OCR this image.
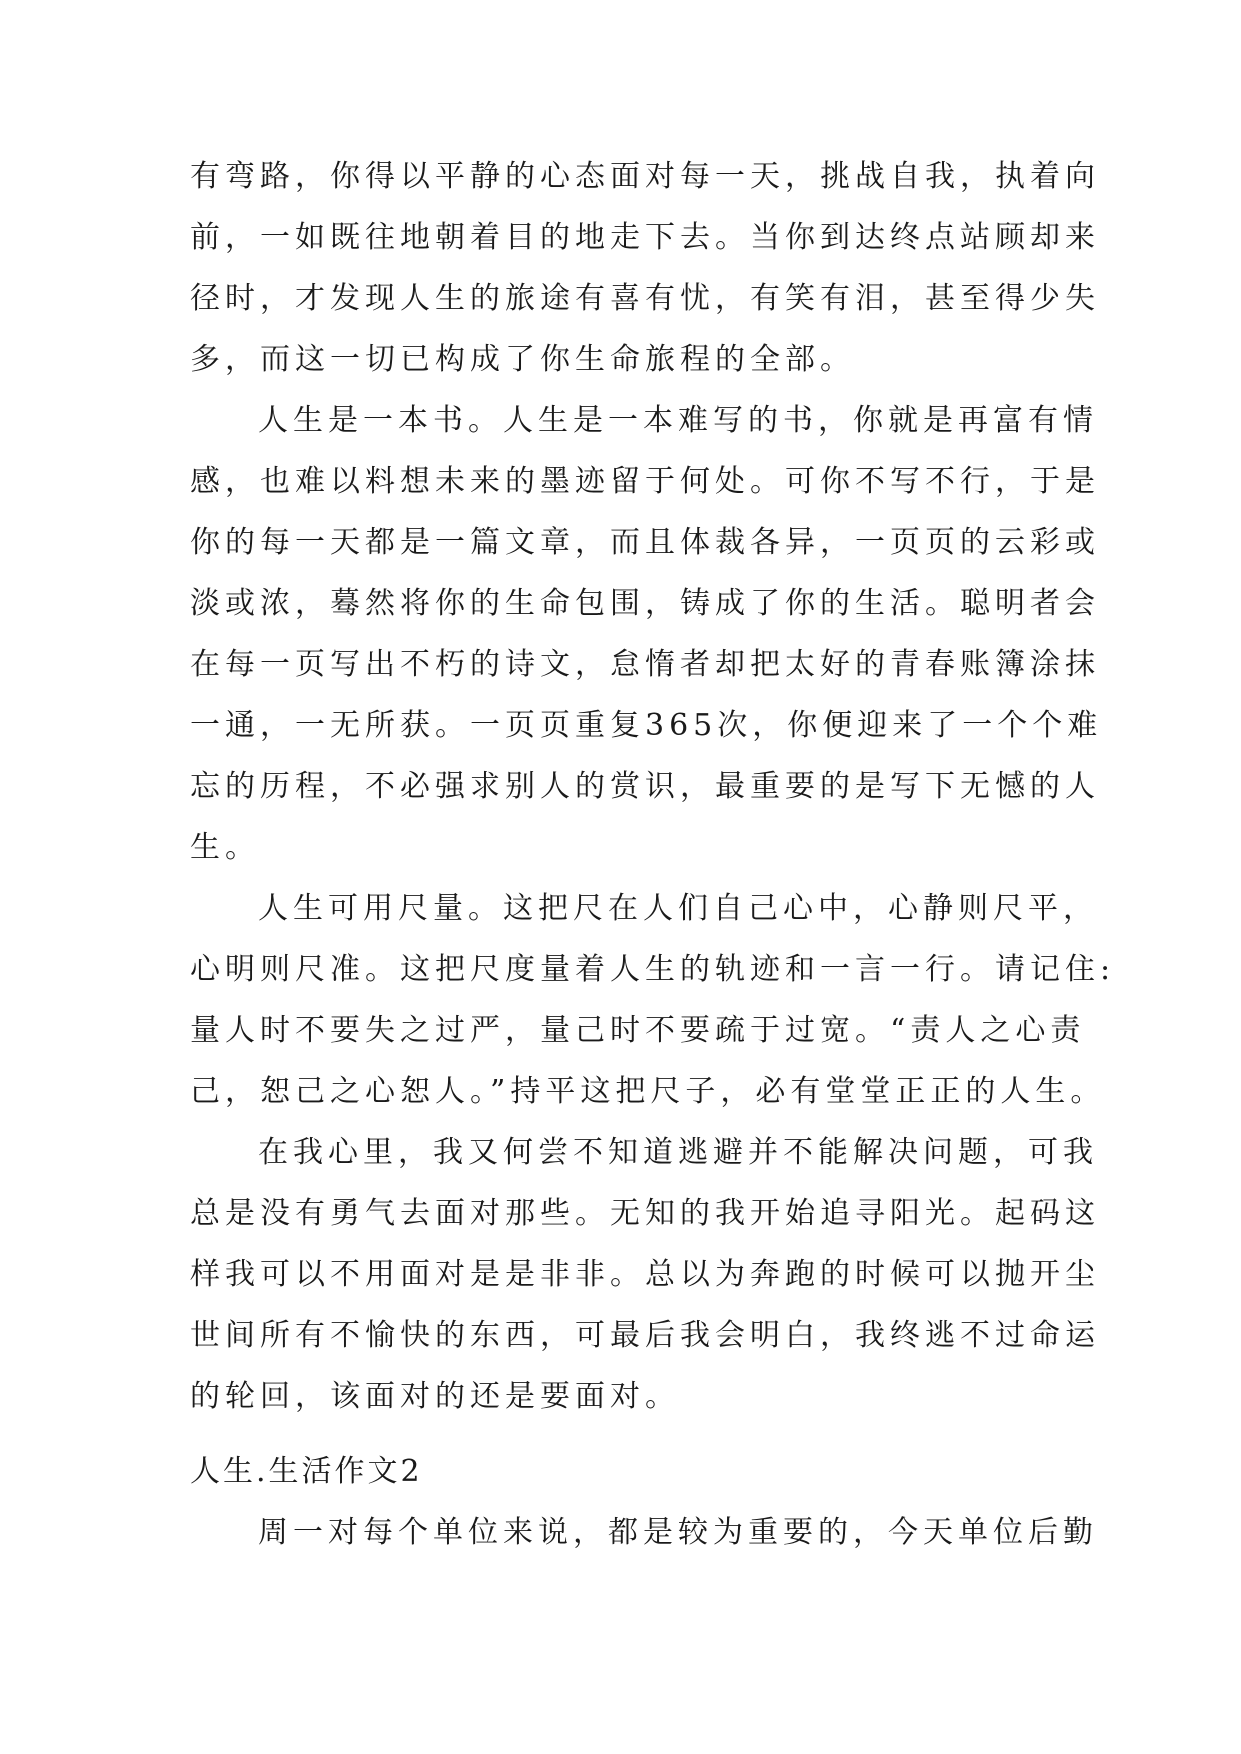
有弯路，你得以平静的心态面对每一天，挑战自我，执着向
前，一如既往地朝着目的地走下去。当你到达终点站顾却来
径时，才发现人生的旅途有喜有忧，有笑有泪，甚至得少失
多，而这一切已构成了你生命旅程的全部。
人生是一本书。人生是一本难写的书，你就是再富有情
感，也难以料想未来的墨迹留于何处。可你不写不行，于是
你的每一天都是一篇文章，而且体裁各异，一页页的云彩或
淡或浓，蓦然将你的生命包围，铸成了你的生活。聪明者会
在每一页写出不朽的诗文，怠惰者却把太好的青春账簿涂抹
一通，一无所获。一页页重复365次，你便迎来了一个个难
忘的历程，不必强求别人的赏识，最重要的是写下无憾的人
生。
人生可用尺量。这把尺在人们自己心中，心静则尺平，
心明则尺准。这把尺度量着人生的轨迹和一言一行。请记住:
量人时不要失之过严，量己时不要疏于过宽。“责人之心责
己，恕己之心恕人。”持平这把尺子，必有堂堂正正的人生。
在我心里，我又何尝不知道逃避并不能解决问题，可我
总是没有勇气去面对那些。无知的我开始追寻阳光。起码这
样我可以不用面对是是非非。总以为奔跑的时候可以抛开尘
世间所有不愉快的东西，可最后我会明白，我终逃不过命运
的轮回，该面对的还是要面对。
人生.生活作文2
周一对每个单位来说，都是较为重要的，今天单位后勤
